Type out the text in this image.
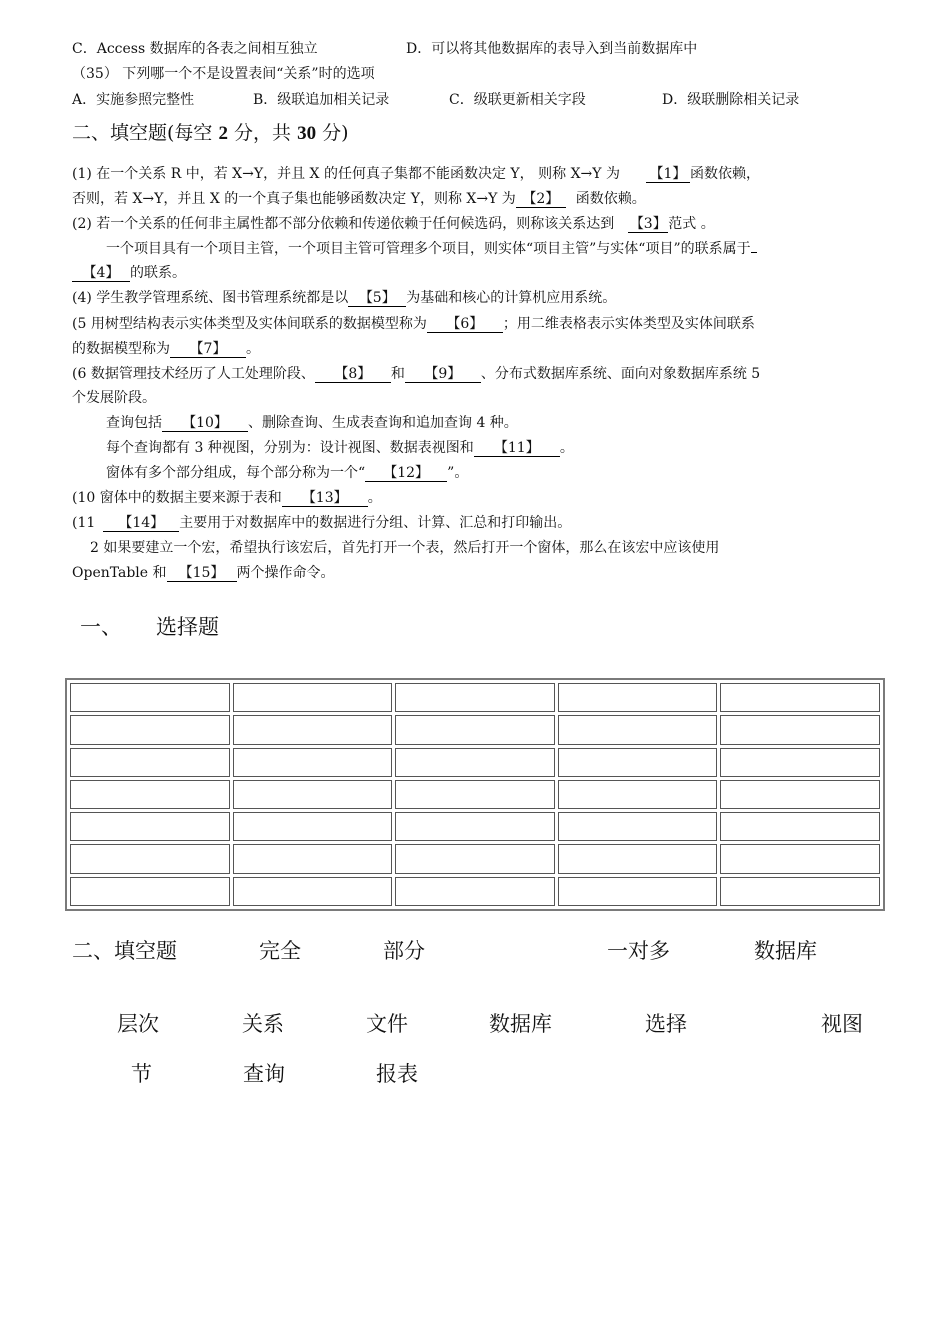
C．Access 数据库的各表之间相互独立	D．可以将其他数据库的表导入到当前数据库中
（35） 下列哪一个不是设置表间“关系”时的选项
A．实施参照完整性	B．级联追加相关记录	C．级联更新相关字段	D．级联删除相关记录
二、填空题(每空 2 分，共 30 分)
(1) 在一个关系 R 中，若 X→Y，并且 X 的任何真子集都不能函数决定 Y， 则称 X→Y 为 【1】 函数依赖，
否则，若 X→Y，并且 X 的一个真子集也能够函数决定 Y，则称 X→Y 为 【2】 函数依赖。
(2) 若一个关系的任何非主属性都不部分依赖和传递依赖于任何候选码，则称该关系达到 【3】 范式 。
一个项目具有一个项目主管，一个项目主管可管理多个项目，则实体“项目主管”与实体“项目”的联系属于
【4】 的联系。
(4) 学生教学管理系统、图书管理系统都是以 【5】 为基础和核心的计算机应用系统。
(5 用树型结构表示实体类型及实体间联系的数据模型称为 【6】 ；用二维表格表示实体类型及实体间联系
的数据模型称为 【7】 。
(6 数据管理技术经历了人工处理阶段、 【8】 和 【9】 、分布式数据库系统、面向对象数据库系统 5
个发展阶段。
查询包括 【10】 、删除查询、生成表查询和追加查询 4 种。
每个查询都有 3 种视图，分别为：设计视图、数据表视图和 【11】 。
窗体有多个部分组成，每个部分称为一个“ 【12】 ”。
(10 窗体中的数据主要来源于表和 【13】 。
(11 【14】 主要用于对数据库中的数据进行分组、计算、汇总和打印输出。
2 如果要建立一个宏，希望执行该宏后，首先打开一个表，然后打开一个窗体，那么在该宏中应该使用
OpenTable 和 【15】 两个操作命令。
一、 选择题

二、填空题	完全	部分	一对多	数据库
层次	关系	文件	数据库	选择	视图
节	查询	报表
